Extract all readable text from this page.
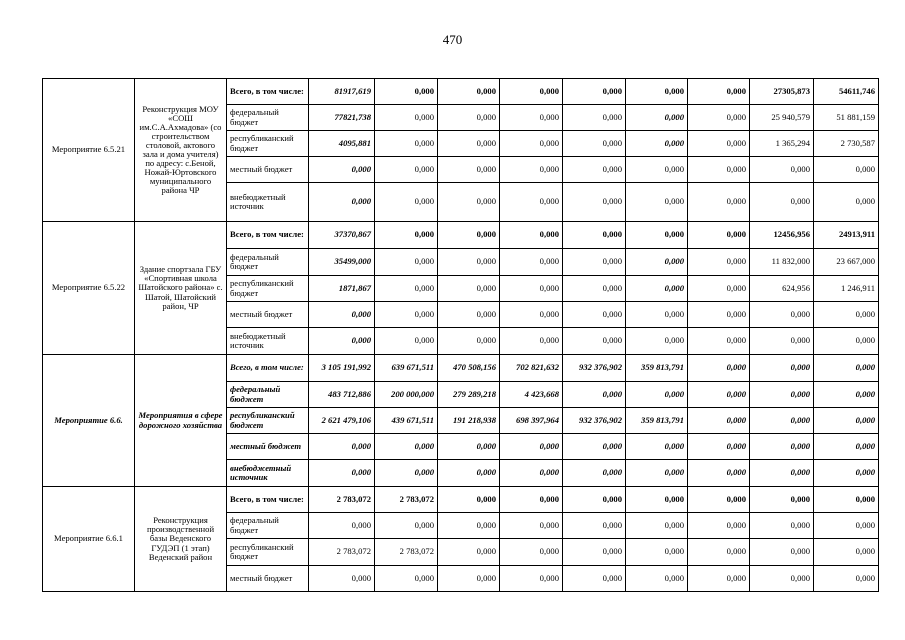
470
Мероприятие 6.5.21	Реконструкция МОУ «СОШ им.С.А.Ахмадова» (со строительством столовой, актового зала и дома учителя) по адресу: с.Беной, Ножай-Юртовского муниципального района ЧР	Всего, в том числе:	81917,619	0,000	0,000	0,000	0,000	0,000	0,000	27305,873	54611,746
		федеральный бюджет	77821,738	0,000	0,000	0,000	0,000	0,000	0,000	25 940,579	51 881,159
		республиканский бюджет	4095,881	0,000	0,000	0,000	0,000	0,000	0,000	1 365,294	2 730,587
		местный бюджет	0,000	0,000	0,000	0,000	0,000	0,000	0,000	0,000	0,000
		внебюджетный источник	0,000	0,000	0,000	0,000	0,000	0,000	0,000	0,000	0,000
Мероприятие 6.5.22	Здание спортзала ГБУ «Спортивная школа Шатойского района» с. Шатой, Шатойский район, ЧР	Всего, в том числе:	37370,867	0,000	0,000	0,000	0,000	0,000	0,000	12456,956	24913,911
		федеральный бюджет	35499,000	0,000	0,000	0,000	0,000	0,000	0,000	11 832,000	23 667,000
		республиканский бюджет	1871,867	0,000	0,000	0,000	0,000	0,000	0,000	624,956	1 246,911
		местный бюджет	0,000	0,000	0,000	0,000	0,000	0,000	0,000	0,000	0,000
		внебюджетный источник	0,000	0,000	0,000	0,000	0,000	0,000	0,000	0,000	0,000
Мероприятие 6.6.	Мероприятия в сфере дорожного хозяйства	Всего, в том числе:	3 105 191,992	639 671,511	470 508,156	702 821,632	932 376,902	359 813,791	0,000	0,000	0,000
		федеральный бюджет	483 712,886	200 000,000	279 289,218	4 423,668	0,000	0,000	0,000	0,000	0,000
		республиканский бюджет	2 621 479,106	439 671,511	191 218,938	698 397,964	932 376,902	359 813,791	0,000	0,000	0,000
		местный бюджет	0,000	0,000	0,000	0,000	0,000	0,000	0,000	0,000	0,000
		внебюджетный источник	0,000	0,000	0,000	0,000	0,000	0,000	0,000	0,000	0,000
Мероприятие 6.6.1	Реконструкция производственной базы Веденского ГУДЭП (1 этап) Веденский район	Всего, в том числе:	2 783,072	2 783,072	0,000	0,000	0,000	0,000	0,000	0,000	0,000
		федеральный бюджет	0,000	0,000	0,000	0,000	0,000	0,000	0,000	0,000	0,000
		республиканский бюджет	2 783,072	2 783,072	0,000	0,000	0,000	0,000	0,000	0,000	0,000
		местный бюджет	0,000	0,000	0,000	0,000	0,000	0,000	0,000	0,000	0,000
